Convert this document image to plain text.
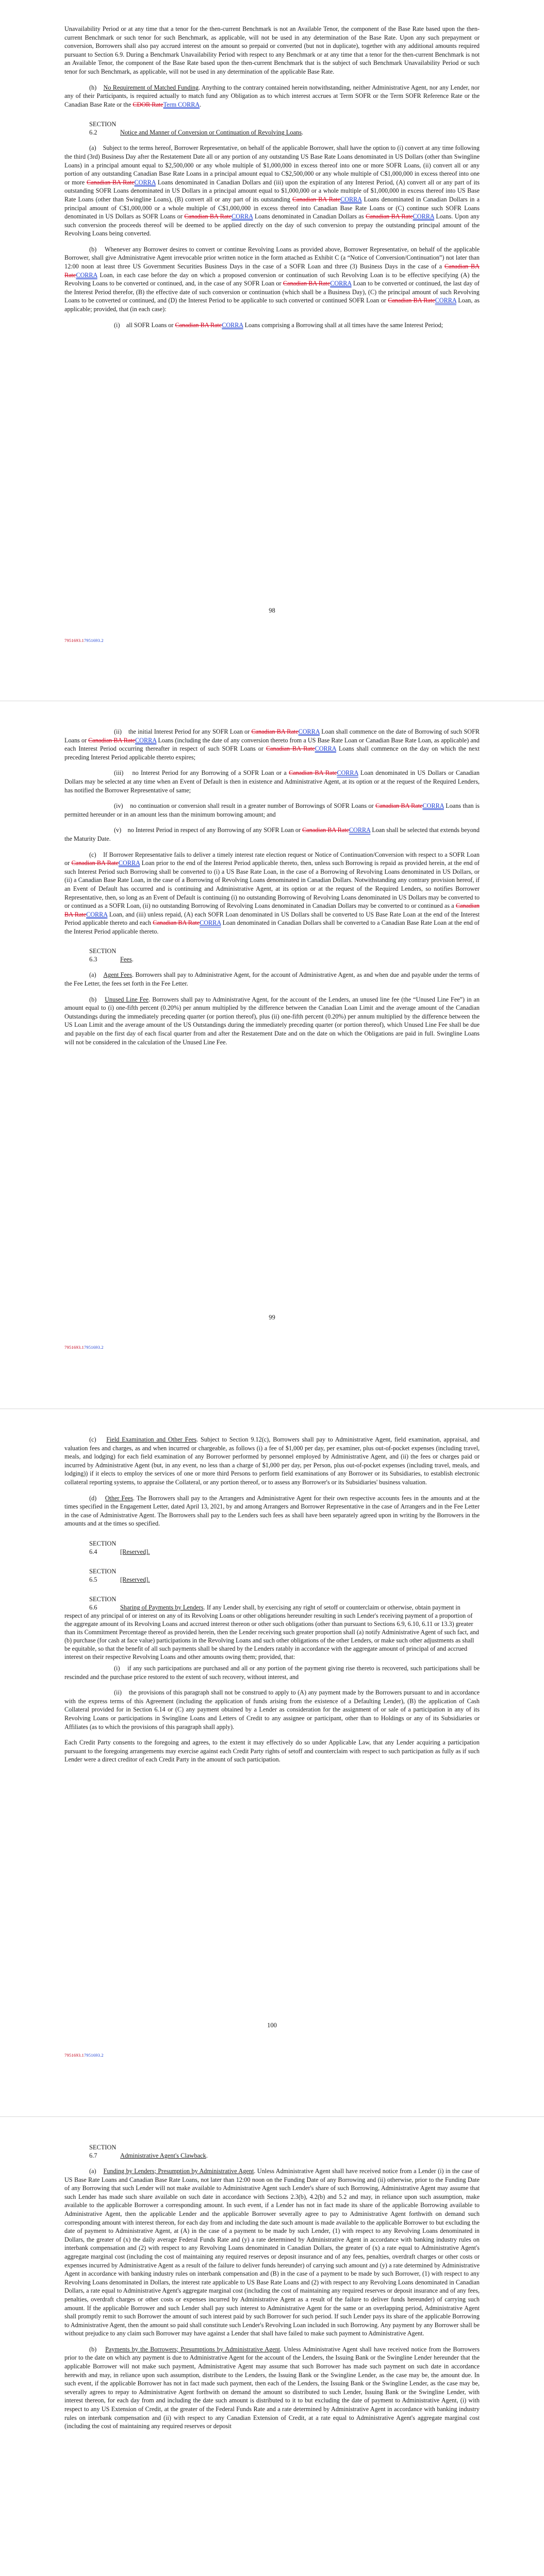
Unavailability Period or at any time that a tenor for the then-current Benchmark is not an Available Tenor, the component of the Base Rate based upon the then-current Benchmark or such tenor for such Benchmark, as applicable, will not be used in any determination of the Base Rate. Upon any such prepayment or conversion, Borrowers shall also pay accrued interest on the amount so prepaid or converted (but not in duplicate), together with any additional amounts required pursuant to Section 6.9. During a Benchmark Unavailability Period with respect to any Benchmark or at any time that a tenor for the then-current Benchmark is not an Available Tenor, the component of the Base Rate based upon the then-current Benchmark that is the subject of such Benchmark Unavailability Period or such tenor for such Benchmark, as applicable, will not be used in any determination of the applicable Base Rate.

(h) No Requirement of Matched Funding. Anything to the contrary contained herein notwithstanding, neither Administrative Agent, nor any Lender, nor any of their Participants, is required actually to match fund any Obligation as to which interest accrues at Term SOFR or the Term SOFR Reference Rate or the Canadian Base Rate or the CDOR RateTerm CORRA.

SECTION 6.2	Notice and Manner of Conversion or Continuation of Revolving Loans.

(a) Subject to the terms hereof, Borrower Representative, on behalf of the applicable Borrower, shall have the option to (i) convert at any time following the third (3rd) Business Day after the Restatement Date all or any portion of any outstanding US Base Rate Loans denominated in US Dollars (other than Swingline Loans) in a principal amount equal to $2,500,000 or any whole multiple of $1,000,000 in excess thereof into one or more SOFR Loans, (ii) convert all or any portion of any outstanding Canadian Base Rate Loans in a principal amount equal to C$2,500,000 or any whole multiple of C$1,000,000 in excess thereof into one or more Canadian BA RateCORRA Loans denominated in Canadian Dollars and (iii) upon the expiration of any Interest Period, (A) convert all or any part of its outstanding SOFR Loans denominated in US Dollars in a principal amount equal to $1,000,000 or a whole multiple of $1,000,000 in excess thereof into US Base Rate Loans (other than Swingline Loans), (B) convert all or any part of its outstanding Canadian BA RateCORRA Loans denominated in Canadian Dollars in a principal amount of C$1,000,000 or a whole multiple of C$1,000,000 in excess thereof into Canadian Base Rate Loans or (C) continue such SOFR Loans denominated in US Dollars as SOFR Loans or Canadian BA RateCORRA Loans denominated in Canadian Dollars as Canadian BA RateCORRA Loans. Upon any such conversion the proceeds thereof will be deemed to be applied directly on the day of such conversion to prepay the outstanding principal amount of the Revolving Loans being converted.

(b) Whenever any Borrower desires to convert or continue Revolving Loans as provided above, Borrower Representative, on behalf of the applicable Borrower, shall give Administrative Agent irrevocable prior written notice in the form attached as Exhibit C (a “Notice of Conversion/Continuation”) not later than 12:00 noon at least three US Government Securities Business Days in the case of a SOFR Loan and three (3) Business Days in the case of a Canadian BA RateCORRA Loan, in each case before the day on which a proposed conversion or continuation of such Revolving Loan is to be effective specifying (A) the Revolving Loans to be converted or continued, and, in the case of any SOFR Loan or Canadian BA RateCORRA Loan to be converted or continued, the last day of the Interest Period therefor, (B) the effective date of such conversion or continuation (which shall be a Business Day), (C) the principal amount of such Revolving Loans to be converted or continued, and (D) the Interest Period to be applicable to such converted or continued SOFR Loan or Canadian BA RateCORRA Loan, as applicable; provided, that (in each case):

(i) all SOFR Loans or Canadian BA RateCORRA Loans comprising a Borrowing shall at all times have the same Interest Period;

98
7951693.17951693.2

(ii) the initial Interest Period for any SOFR Loan or Canadian BA RateCORRA Loan shall commence on the date of Borrowing of such SOFR Loans or Canadian BA RateCORRA Loans (including the date of any conversion thereto from a US Base Rate Loan or Canadian Base Rate Loan, as applicable) and each Interest Period occurring thereafter in respect of such SOFR Loans or Canadian BA RateCORRA Loans shall commence on the day on which the next preceding Interest Period applicable thereto expires;

(iii) no Interest Period for any Borrowing of a SOFR Loan or a Canadian BA RateCORRA Loan denominated in US Dollars or Canadian Dollars may be selected at any time when an Event of Default is then in existence and Administrative Agent, at its option or at the request of the Required Lenders, has notified the Borrower Representative of same;

(iv) no continuation or conversion shall result in a greater number of Borrowings of SOFR Loans or Canadian BA RateCORRA Loans than is permitted hereunder or in an amount less than the minimum borrowing amount; and

(v) no Interest Period in respect of any Borrowing of any SOFR Loan or Canadian BA RateCORRA Loan shall be selected that extends beyond the Maturity Date.

(c) If Borrower Representative fails to deliver a timely interest rate election request or Notice of Continuation/Conversion with respect to a SOFR Loan or Canadian BA RateCORRA Loan prior to the end of the Interest Period applicable thereto, then, unless such Borrowing is repaid as provided herein, at the end of such Interest Period such Borrowing shall be converted to (i) a US Base Rate Loan, in the case of a Borrowing of Revolving Loans denominated in US Dollars, or (ii) a Canadian Base Rate Loan, in the case of a Borrowing of Revolving Loans denominated in Canadian Dollars. Notwithstanding any contrary provision hereof, if an Event of Default has occurred and is continuing and Administrative Agent, at its option or at the request of the Required Lenders, so notifies Borrower Representative, then, so long as an Event of Default is continuing (i) no outstanding Borrowing of Revolving Loans denominated in US Dollars may be converted to or continued as a SOFR Loan, (ii) no outstanding Borrowing of Revolving Loans denominated in Canadian Dollars may be converted to or continued as a Canadian BA RateCORRA Loan, and (iii) unless repaid, (A) each SOFR Loan denominated in US Dollars shall be converted to US Base Rate Loan at the end of the Interest Period applicable thereto and each Canadian BA RateCORRA Loan denominated in Canadian Dollars shall be converted to a Canadian Base Rate Loan at the end of the Interest Period applicable thereto.

SECTION 6.3	Fees.

(a) Agent Fees. Borrowers shall pay to Administrative Agent, for the account of Administrative Agent, as and when due and payable under the terms of the Fee Letter, the fees set forth in the Fee Letter.

(b) Unused Line Fee. Borrowers shall pay to Administrative Agent, for the account of the Lenders, an unused line fee (the “Unused Line Fee”) in an amount equal to (i) one-fifth percent (0.20%) per annum multiplied by the difference between the Canadian Loan Limit and the average amount of the Canadian Outstandings during the immediately preceding quarter (or portion thereof), plus (ii) one-fifth percent (0.20%) per annum multiplied by the difference between the US Loan Limit and the average amount of the US Outstandings during the immediately preceding quarter (or portion thereof), which Unused Line Fee shall be due and payable on the first day of each fiscal quarter from and after the Restatement Date and on the date on which the Obligations are paid in full. Swingline Loans will not be considered in the calculation of the Unused Line Fee.

99
7951693.17951693.2

(c) Field Examination and Other Fees. Subject to Section 9.12(c), Borrowers shall pay to Administrative Agent, field examination, appraisal, and valuation fees and charges, as and when incurred or chargeable, as follows (i) a fee of $1,000 per day, per examiner, plus out-of-pocket expenses (including travel, meals, and lodging) for each field examination of any Borrower performed by personnel employed by Administrative Agent, and (ii) the fees or charges paid or incurred by Administrative Agent (but, in any event, no less than a charge of $1,000 per day, per Person, plus out-of-pocket expenses (including travel, meals, and lodging)) if it elects to employ the services of one or more third Persons to perform field examinations of any Borrower or its Subsidiaries, to establish electronic collateral reporting systems, to appraise the Collateral, or any portion thereof, or to assess any Borrower's or its Subsidiaries' business valuation.

(d) Other Fees. The Borrowers shall pay to the Arrangers and Administrative Agent for their own respective accounts fees in the amounts and at the times specified in the Engagement Letter, dated April 13, 2021, by and among Arrangers and Borrower Representative in the case of Arrangers and in the Fee Letter in the case of Administrative Agent. The Borrowers shall pay to the Lenders such fees as shall have been separately agreed upon in writing by the Borrowers in the amounts and at the times so specified.

SECTION 6.4	[Reserved].
SECTION 6.5	[Reserved].
SECTION 6.6	Sharing of Payments by Lenders. If any Lender shall, by exercising any right of setoff or counterclaim or otherwise, obtain payment in respect of any principal of or interest on any of its Revolving Loans or other obligations hereunder resulting in such Lender's receiving payment of a proportion of the aggregate amount of its Revolving Loans and accrued interest thereon or other such obligations (other than pursuant to Sections 6.9, 6.10, 6.11 or 13.3) greater than its Commitment Percentage thereof as provided herein, then the Lender receiving such greater proportion shall (a) notify Administrative Agent of such fact, and (b) purchase (for cash at face value) participations in the Revolving Loans and such other obligations of the other Lenders, or make such other adjustments as shall be equitable, so that the benefit of all such payments shall be shared by the Lenders ratably in accordance with the aggregate amount of principal of and accrued interest on their respective Revolving Loans and other amounts owing them; provided, that:

(i) if any such participations are purchased and all or any portion of the payment giving rise thereto is recovered, such participations shall be rescinded and the purchase price restored to the extent of such recovery, without interest, and

(ii) the provisions of this paragraph shall not be construed to apply to (A) any payment made by the Borrowers pursuant to and in accordance with the express terms of this Agreement (including the application of funds arising from the existence of a Defaulting Lender), (B) the application of Cash Collateral provided for in Section 6.14 or (C) any payment obtained by a Lender as consideration for the assignment of or sale of a participation in any of its Revolving Loans or participations in Swingline Loans and Letters of Credit to any assignee or participant, other than to Holdings or any of its Subsidiaries or Affiliates (as to which the provisions of this paragraph shall apply).

Each Credit Party consents to the foregoing and agrees, to the extent it may effectively do so under Applicable Law, that any Lender acquiring a participation pursuant to the foregoing arrangements may exercise against each Credit Party rights of setoff and counterclaim with respect to such participation as fully as if such Lender were a direct creditor of each Credit Party in the amount of such participation.

100
7951693.17951693.2
SECTION 6.7	Administrative Agent's Clawback.

(a) Funding by Lenders; Presumption by Administrative Agent. Unless Administrative Agent shall have received notice from a Lender (i) in the case of US Base Rate Loans and Canadian Base Rate Loans, not later than 12:00 noon on the Funding Date of any Borrowing and (ii) otherwise, prior to the Funding Date of any Borrowing that such Lender will not make available to Administrative Agent such Lender's share of such Borrowing, Administrative Agent may assume that such Lender has made such share available on such date in accordance with Sections 2.3(b), 4.2(b) and 5.2 and may, in reliance upon such assumption, make available to the applicable Borrower a corresponding amount. In such event, if a Lender has not in fact made its share of the applicable Borrowing available to Administrative Agent, then the applicable Lender and the applicable Borrower severally agree to pay to Administrative Agent forthwith on demand such corresponding amount with interest thereon, for each day from and including the date such amount is made available to the applicable Borrower to but excluding the date of payment to Administrative Agent, at (A) in the case of a payment to be made by such Lender, (1) with respect to any Revolving Loans denominated in Dollars, the greater of (x) the daily average Federal Funds Rate and (y) a rate determined by Administrative Agent in accordance with banking industry rules on interbank compensation and (2) with respect to any Revolving Loans denominated in Canadian Dollars, the greater of (x) a rate equal to Administrative Agent's aggregate marginal cost (including the cost of maintaining any required reserves or deposit insurance and of any fees, penalties, overdraft charges or other costs or expenses incurred by Administrative Agent as a result of the failure to deliver funds hereunder) of carrying such amount and (y) a rate determined by Administrative Agent in accordance with banking industry rules on interbank compensation and (B) in the case of a payment to be made by such Borrower, (1) with respect to any Revolving Loans denominated in Dollars, the interest rate applicable to US Base Rate Loans and (2) with respect to any Revolving Loans denominated in Canadian Dollars, a rate equal to Administrative Agent's aggregate marginal cost (including the cost of maintaining any required reserves or deposit insurance and of any fees, penalties, overdraft charges or other costs or expenses incurred by Administrative Agent as a result of the failure to deliver funds hereunder) of carrying such amount. If the applicable Borrower and such Lender shall pay such interest to Administrative Agent for the same or an overlapping period, Administrative Agent shall promptly remit to such Borrower the amount of such interest paid by such Borrower for such period. If such Lender pays its share of the applicable Borrowing to Administrative Agent, then the amount so paid shall constitute such Lender's Revolving Loan included in such Borrowing. Any payment by any Borrower shall be without prejudice to any claim such Borrower may have against a Lender that shall have failed to make such payment to Administrative Agent.

(b) Payments by the Borrowers; Presumptions by Administrative Agent. Unless Administrative Agent shall have received notice from the Borrowers prior to the date on which any payment is due to Administrative Agent for the account of the Lenders, the Issuing Bank or the Swingline Lender hereunder that the applicable Borrower will not make such payment, Administrative Agent may assume that such Borrower has made such payment on such date in accordance herewith and may, in reliance upon such assumption, distribute to the Lenders, the Issuing Bank or the Swingline Lender, as the case may be, the amount due. In such event, if the applicable Borrower has not in fact made such payment, then each of the Lenders, the Issuing Bank or the Swingline Lender, as the case may be, severally agrees to repay to Administrative Agent forthwith on demand the amount so distributed to such Lender, Issuing Bank or the Swingline Lender, with interest thereon, for each day from and including the date such amount is distributed to it to but excluding the date of payment to Administrative Agent, (i) with respect to any US Extension of Credit, at the greater of the Federal Funds Rate and a rate determined by Administrative Agent in accordance with banking industry rules on interbank compensation and (ii) with respect to any Canadian Extension of Credit, at a rate equal to Administrative Agent's aggregate marginal cost (including the cost of maintaining any required reserves or deposit
